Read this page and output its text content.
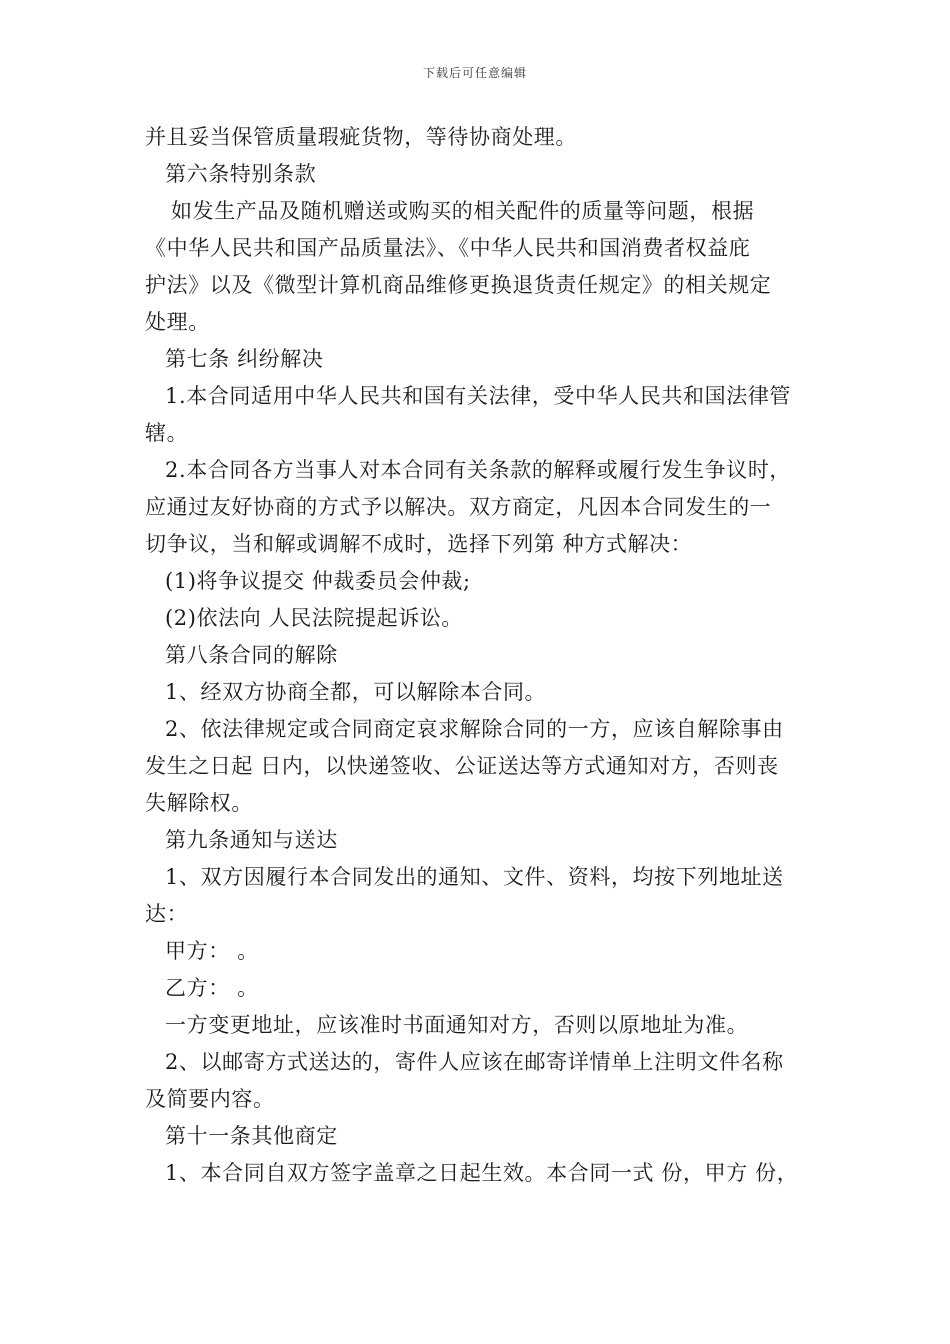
下载后可任意编辑

并且妥当保管质量瑕疵货物，等待协商处理。

第六条特别条款

如发生产品及随机赠送或购买的相关配件的质量等问题，根据

《中华人民共和国产品质量法》、《中华人民共和国消费者权益庇

护法》以及《微型计算机商品维修更换退货责任规定》的相关规定

处理。

第七条 纠纷解决

1.本合同适用中华人民共和国有关法律，受中华人民共和国法律管

辖。

2.本合同各方当事人对本合同有关条款的解释或履行发生争议时，

应通过友好协商的方式予以解决。双方商定，凡因本合同发生的一

切争议，当和解或调解不成时，选择下列第 种方式解决：

(1)将争议提交 仲裁委员会仲裁;

(2)依法向 人民法院提起诉讼。

第八条合同的解除

1、经双方协商全都，可以解除本合同。

2、依法律规定或合同商定哀求解除合同的一方，应该自解除事由

发生之日起 日内，以快递签收、公证送达等方式通知对方，否则丧

失解除权。

第九条通知与送达

1、双方因履行本合同发出的通知、文件、资料，均按下列地址送

达：

甲方： 。

乙方： 。

一方变更地址，应该准时书面通知对方，否则以原地址为准。

2、以邮寄方式送达的，寄件人应该在邮寄详情单上注明文件名称

及简要内容。

第十一条其他商定

1、本合同自双方签字盖章之日起生效。本合同一式 份，甲方 份，
